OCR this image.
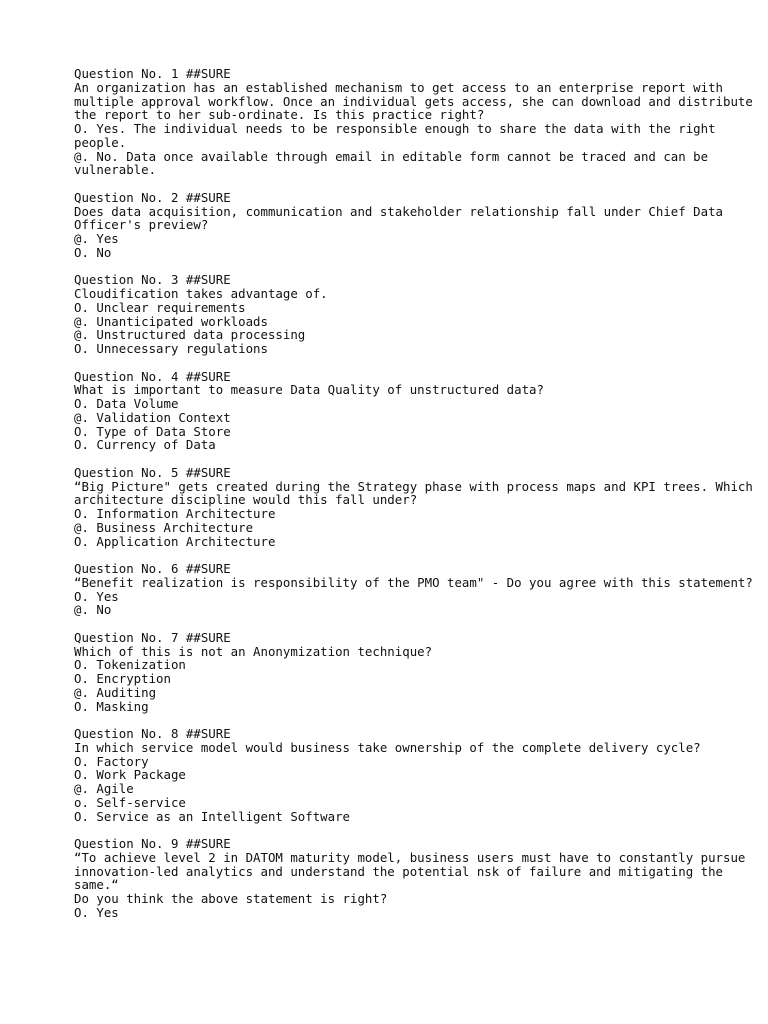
Question No. 1 ##SURE
An organization has an established mechanism to get access to an enterprise report with multiple approval workflow. Once an individual gets access, she can download and distribute the report to her sub-ordinate. Is this practice right?
O. Yes. The individual needs to be responsible enough to share the data with the right people.
@. No. Data once available through email in editable form cannot be traced and can be vulnerable.
Question No. 2 ##SURE
Does data acquisition, communication and stakeholder relationship fall under Chief Data Officer's preview?
@. Yes
O. No
Question No. 3 ##SURE
Cloudification takes advantage of.
O. Unclear requirements
@. Unanticipated workloads
@. Unstructured data processing
O. Unnecessary regulations
Question No. 4 ##SURE
What is important to measure Data Quality of unstructured data?
O. Data Volume
@. Validation Context
O. Type of Data Store
O. Currency of Data
Question No. 5 ##SURE
“Big Picture" gets created during the Strategy phase with process maps and KPI trees. Which architecture discipline would this fall under?
O. Information Architecture
@. Business Architecture
O. Application Architecture
Question No. 6 ##SURE
“Benefit realization is responsibility of the PMO team" - Do you agree with this statement?
O. Yes
@. No
Question No. 7 ##SURE
Which of this is not an Anonymization technique?
O. Tokenization
O. Encryption
@. Auditing
O. Masking
Question No. 8 ##SURE
In which service model would business take ownership of the complete delivery cycle?
O. Factory
O. Work Package
@. Agile
o. Self-service
O. Service as an Intelligent Software
Question No. 9 ##SURE
“To achieve level 2 in DATOM maturity model, business users must have to constantly pursue innovation-led analytics and understand the potential nsk of failure and mitigating the same.“
Do you think the above statement is right?
O. Yes
